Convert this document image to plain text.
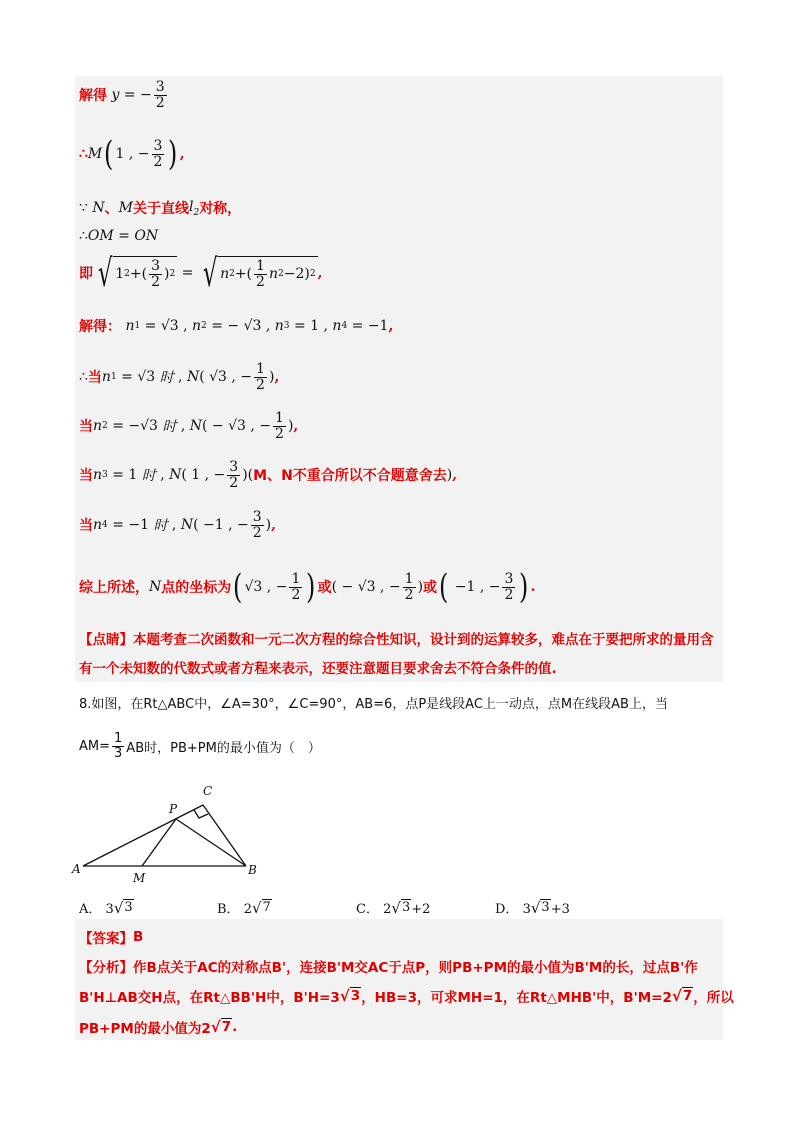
解得 y = − $\frac{3}{2}$
∴ M ( 1 , − $\frac{3}{2}$ ) ,
∵
N 、 M 关于直线 $l_2$ 对称，
∴ OM = ON
即 √ 1 2 +( $\frac{3}{2}$ ) 2 = √ n 2 +( $\frac{1}{2}$ n 2 −2) 2 ,
解得：
n 1 = √3 , n 2 = − √3 , n 3 = 1 , n 4 = −1 ,
∴ 当 n 1 = √3 时 , N ( √3 , − $\frac{1}{2}$ ) ,
当 n 2 = −√3 时 , N ( − √3 , − $\frac{1}{2}$ ) ,
当 n 3 = 1 时 , N ( 1 , − $\frac{3}{2}$ )( M、N不重合所以不合题意舍去 ) ,
当 n 4 = −1 时 , N ( −1 , − $\frac{3}{2}$ ) ,
综上所述， N 点的坐标为 ( √3 , − $\frac{1}{2}$ ) 或 ( − √3 , − $\frac{1}{2}$ ) 或 ( −1 , − $\frac{3}{2}$ ) .
【点睛】本题考查二次函数和一元二次方程的综合性知识，设计到的运算较多，难点在于要把所求的量用含有一个未知数的代数式或者方程来表示，还要注意题目要求舍去不符合条件的值.
8.如图，在Rt△ABC中，∠A=30°，∠C=90°，AB=6，点P是线段AC上一动点，点M在线段AB上，当
$AM= \frac{1}{3}$ AB时，PB+PM的最小值为（　）
A	B
C
P
M
A． 3 √ 3	B． 2 √ 7	C． 2 √ 3 +2	D． 3 √ 3 +3
【答案】 B
【分析】 作B点关于AC的对称点B'，连接B'M交AC于点P，则PB+PM的最小值为B'M的长，过点B'作
B'H⊥AB交H点，在Rt△BB'H中，B'H=3 √ 3 ，HB=3，可求MH=1，在Rt△MHB'中，B'M=2 √ 7 ，所以
PB+PM的最小值为2 √ 7 .
